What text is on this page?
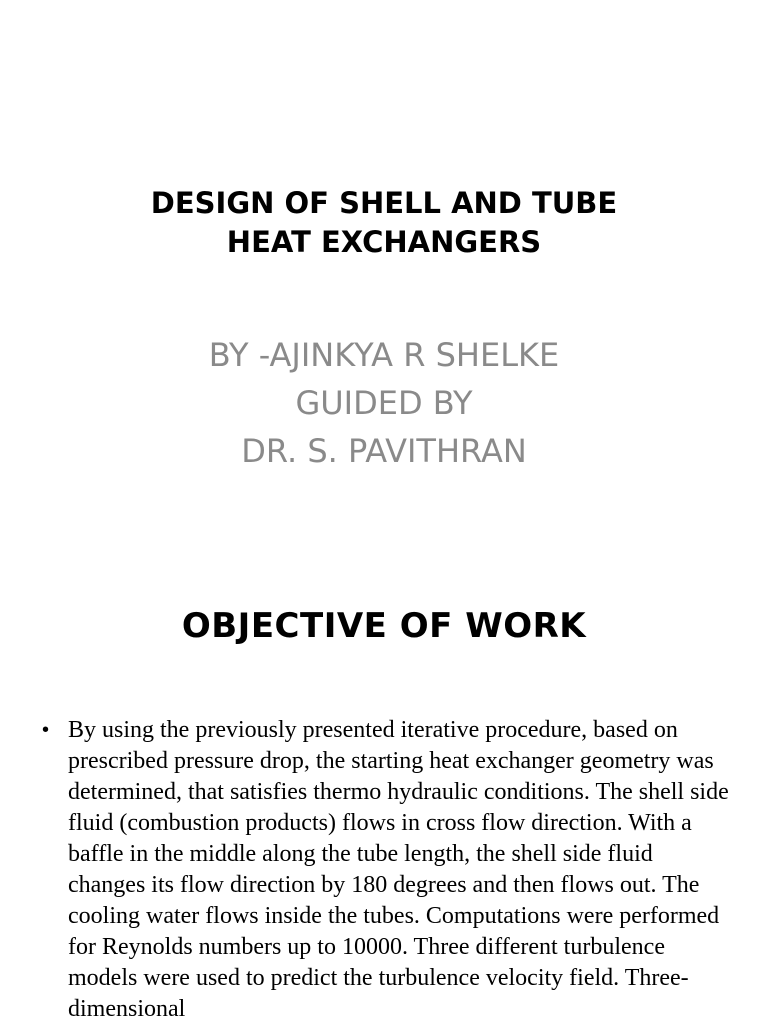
DESIGN OF SHELL AND TUBE
HEAT EXCHANGERS
BY -AJINKYA R SHELKE
GUIDED BY
DR. S. PAVITHRAN
OBJECTIVE OF WORK
• By using the previously presented iterative procedure, based on prescribed pressure drop, the starting heat exchanger geometry was determined, that satisfies thermo hydraulic conditions. The shell side fluid (combustion products) flows in cross flow direction. With a baffle in the middle along the tube length, the shell side fluid changes its flow direction by 180 degrees and then flows out. The cooling water flows inside the tubes. Computations were performed for Reynolds numbers up to 10000. Three different turbulence models were used to predict the turbulence velocity field. Three-dimensional
